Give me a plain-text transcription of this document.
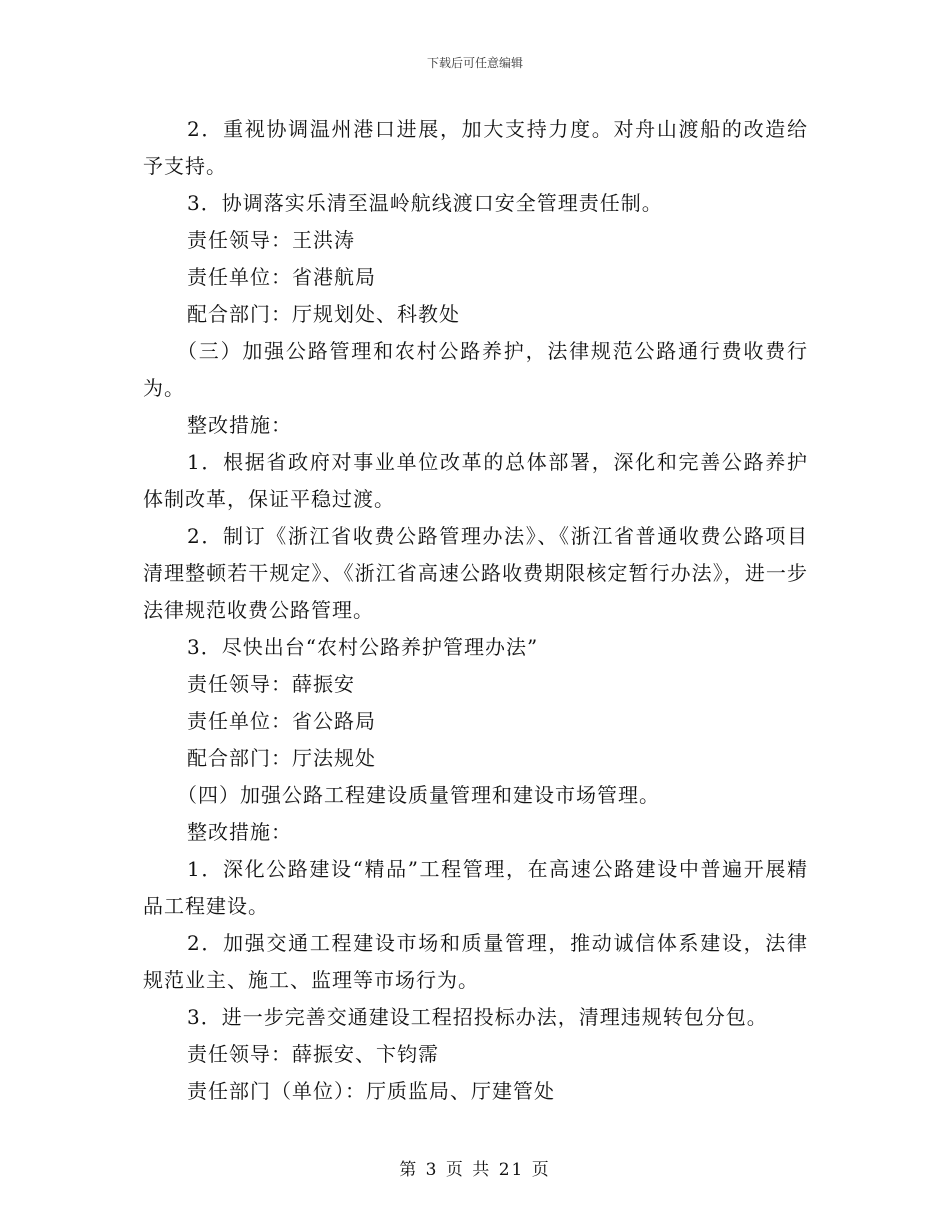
下载后可任意编辑

2．重视协调温州港口进展，加大支持力度。对舟山渡船的改造给予支持。

3．协调落实乐清至温岭航线渡口安全管理责任制。

责任领导：王洪涛

责任单位：省港航局

配合部门：厅规划处、科教处

（三）加强公路管理和农村公路养护，法律规范公路通行费收费行为。

整改措施：

1．根据省政府对事业单位改革的总体部署，深化和完善公路养护体制改革，保证平稳过渡。

2．制订《浙江省收费公路管理办法》、《浙江省普通收费公路项目清理整顿若干规定》、《浙江省高速公路收费期限核定暂行办法》，进一步法律规范收费公路管理。

3．尽快出台“农村公路养护管理办法”

责任领导：薛振安

责任单位：省公路局

配合部门：厅法规处

（四）加强公路工程建设质量管理和建设市场管理。

整改措施：

1．深化公路建设“精品”工程管理，在高速公路建设中普遍开展精品工程建设。

2．加强交通工程建设市场和质量管理，推动诚信体系建设，法律规范业主、施工、监理等市场行为。

3．进一步完善交通建设工程招投标办法，清理违规转包分包。

责任领导：薛振安、卞钧霈

责任部门（单位）：厅质监局、厅建管处

第 3 页 共 21 页
